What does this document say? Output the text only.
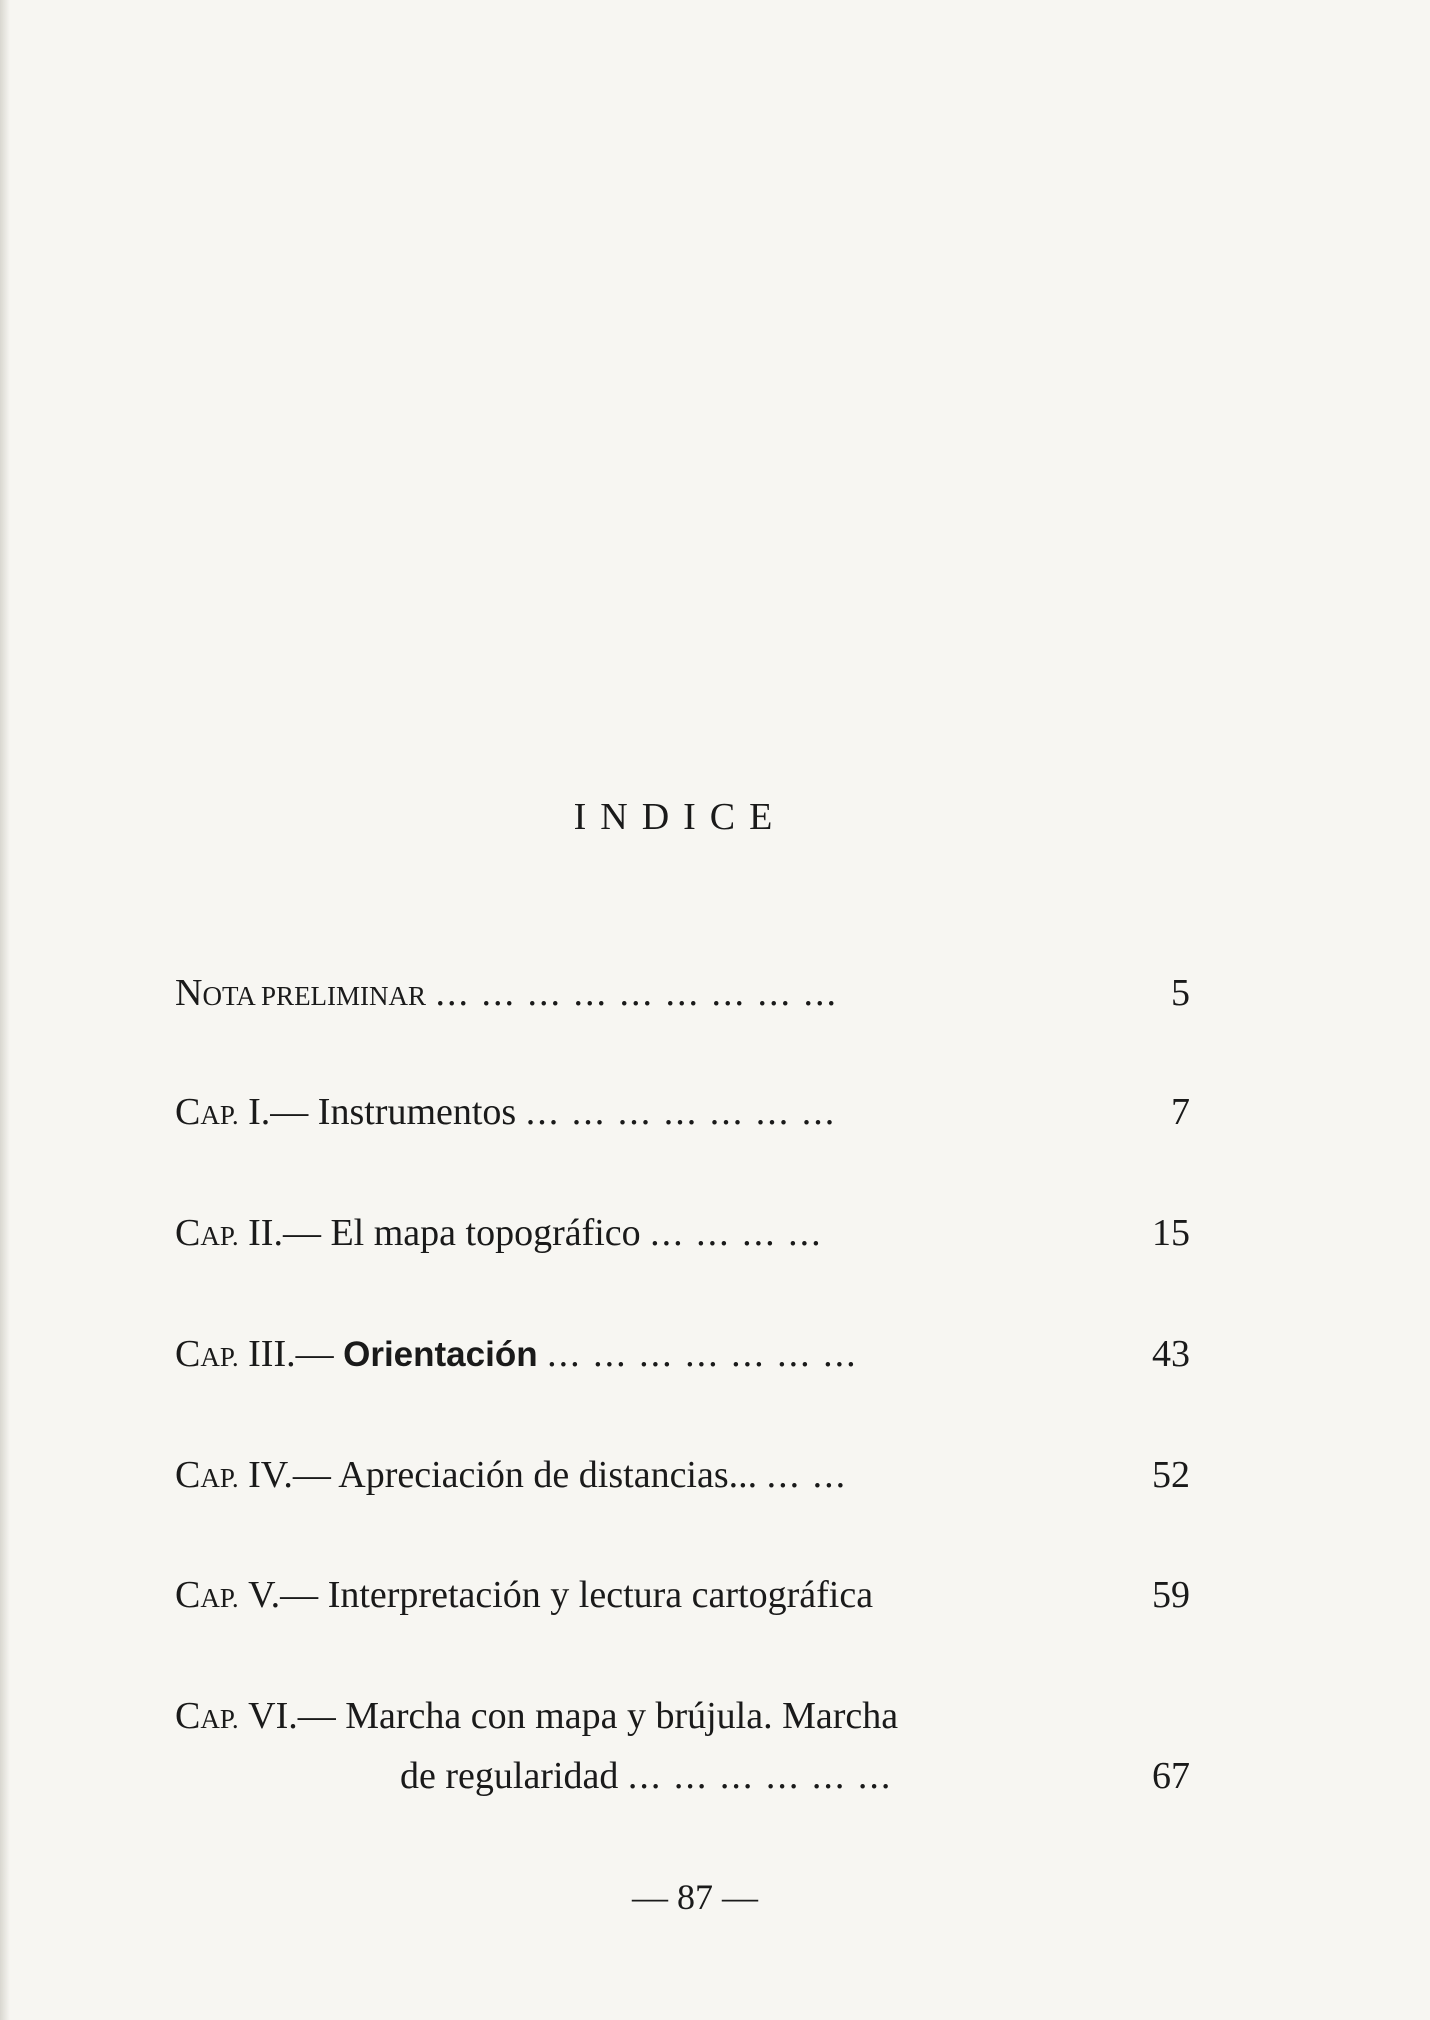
INDICE
NOTA PRELIMINAR ... ... ... ... ... ... ... ... ...	5
CAP. I.— Instrumentos ... ... ... ... ... ... ...	7
CAP. II.— El mapa topográfico ... ... ... ...	15
CAP. III.— Orientación ... ... ... ... ... ... ...	43
CAP. IV.— Apreciación de distancias... ... ...	52
CAP. V.— Interpretación y lectura cartográfica	59
CAP. VI.— Marcha con mapa y brújula. Marcha
de regularidad ... ... ... ... ... ...	67
— 87 —
